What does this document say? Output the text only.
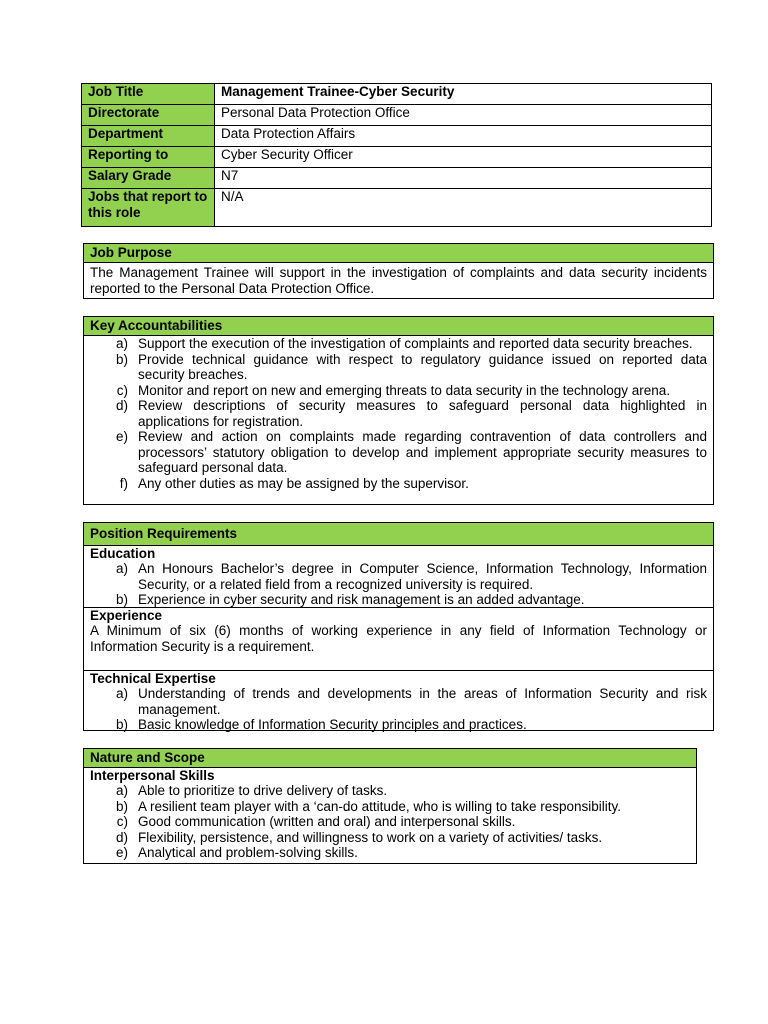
Job Title	Management Trainee-Cyber Security
Directorate	Personal Data Protection Office
Department	Data Protection Affairs
Reporting to	Cyber Security Officer
Salary Grade	N7
Jobs that report to this role	N/A
Job Purpose
The Management Trainee will support in the investigation of complaints and data security incidents reported to the Personal Data Protection Office.
Key Accountabilities
a) Support the execution of the investigation of complaints and reported data security breaches.
b) Provide technical guidance with respect to regulatory guidance issued on reported data security breaches.
c) Monitor and report on new and emerging threats to data security in the technology arena.
d) Review descriptions of security measures to safeguard personal data highlighted in applications for registration.
e) Review and action on complaints made regarding contravention of data controllers and processors’ statutory obligation to develop and implement appropriate security measures to safeguard personal data.
f) Any other duties as may be assigned by the supervisor.
Position Requirements
Education
a) An Honours Bachelor’s degree in Computer Science, Information Technology, Information Security, or a related field from a recognized university is required.
b) Experience in cyber security and risk management is an added advantage.
Experience
A Minimum of six (6) months of working experience in any field of Information Technology or Information Security is a requirement.
Technical Expertise
a) Understanding of trends and developments in the areas of Information Security and risk management.
b) Basic knowledge of Information Security principles and practices.
Nature and Scope
Interpersonal Skills
a) Able to prioritize to drive delivery of tasks.
b) A resilient team player with a ‘can-do attitude, who is willing to take responsibility.
c) Good communication (written and oral) and interpersonal skills.
d) Flexibility, persistence, and willingness to work on a variety of activities/ tasks.
e) Analytical and problem-solving skills.
